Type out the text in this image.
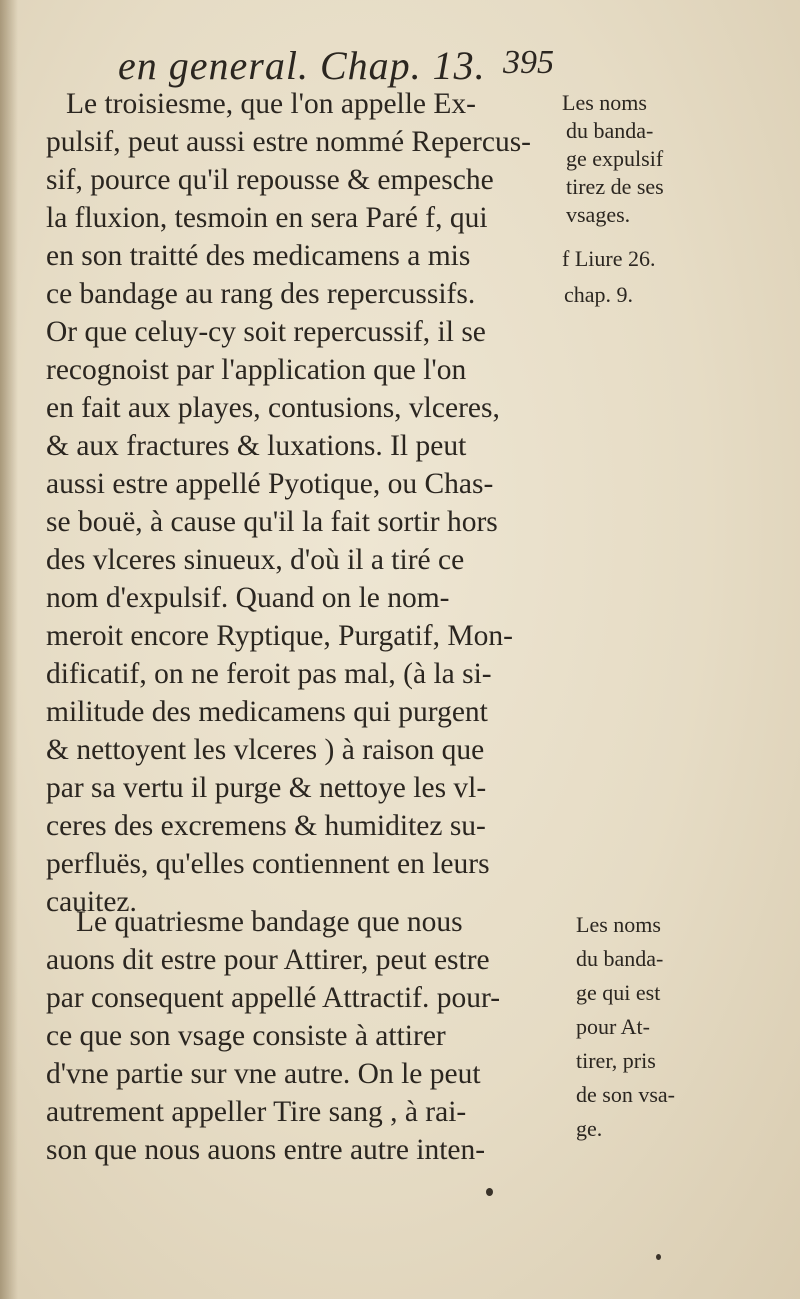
en general. Chap. 13. 395
Le troisiesme, que l'on appelle Ex-
pulsif, peut aussi estre nommé Repercus-
sif, pource qu'il repousse & empesche
la fluxion, tesmoin en sera Paré f, qui
en son traitté des medicamens a mis
ce bandage au rang des repercussifs.
Or que celuy-cy soit repercussif, il se
recognoist par l'application que l'on
en fait aux playes, contusions, vlceres,
& aux fractures & luxations. Il peut
aussi estre appellé Pyotique, ou Chas-
se bouë, à cause qu'il la fait sortir hors
des vlceres sinueux, d'où il a tiré ce
nom d'expulsif. Quand on le nom-
meroit encore Ryptique, Purgatif, Mon-
dificatif, on ne feroit pas mal, (à la si-
militude des medicamens qui purgent
& nettoyent les vlceres ) à raison que
par sa vertu il purge & nettoye les vl-
ceres des excremens & humiditez su-
perfluës, qu'elles contiennent en leurs
cauitez.
Le quatriesme bandage que nous
auons dit estre pour Attirer, peut estre
par consequent appellé Attractif. pour-
ce que son vsage consiste à attirer
d'vne partie sur vne autre. On le peut
autrement appeller Tire sang , à rai-
son que nous auons entre autre inten-
Les noms
du banda-
ge expulsif
tirez de ses
vsages.
f Liure 26.
chap. 9.
Les noms
du banda-
ge qui est
pour At-
tirer, pris
de son vsa-
ge.
